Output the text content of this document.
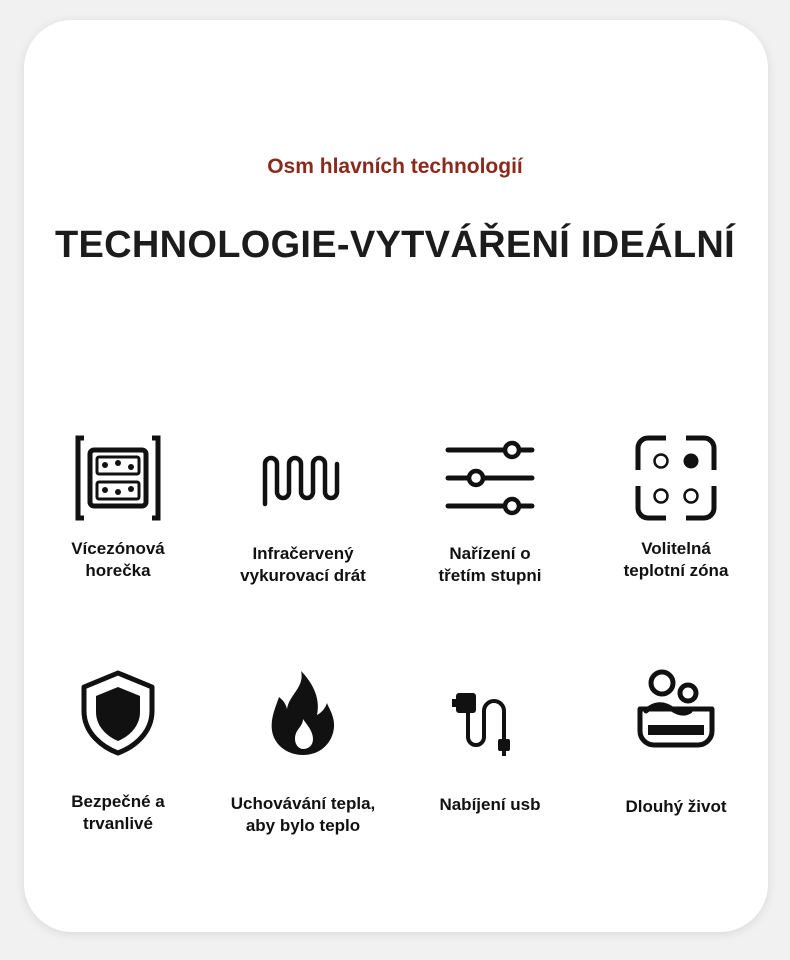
Osm hlavních technologií
TECHNOLOGIE-VYTVÁŘENÍ IDEÁLNÍ
Vícezónová
horečka
Infračervený
vykurovací drát
Nařízení o
třetím stupni
Volitelná
teplotní zóna
Bezpečné a
trvanlivé
Uchovávání tepla,
aby bylo teplo
Nabíjení usb	Dlouhý život
